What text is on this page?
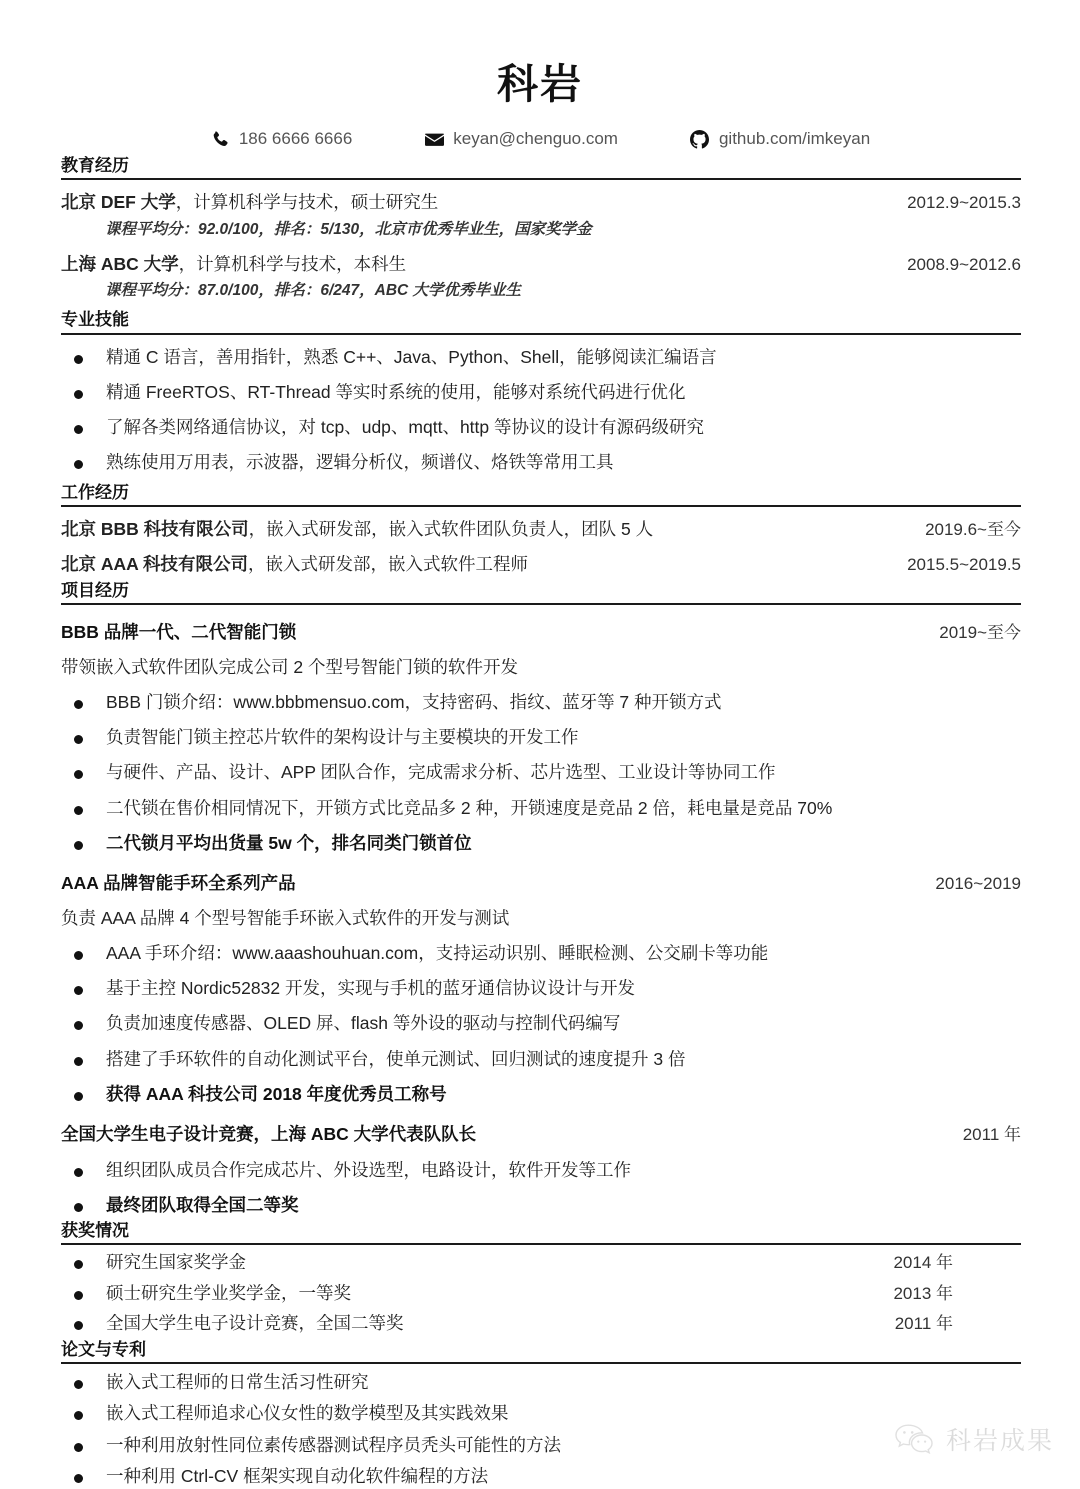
科岩
186 6666 6666	keyan@chenguo.com	github.com/imkeyan
教育经历
北京 DEF 大学，计算机科学与技术，硕士研究生	2012.9~2015.3
课程平均分：92.0/100，排名：5/130，北京市优秀毕业生，国家奖学金
上海 ABC 大学，计算机科学与技术，本科生	2008.9~2012.6
课程平均分：87.0/100，排名：6/247，ABC 大学优秀毕业生
专业技能
精通 C 语言，善用指针，熟悉 C++、Java、Python、Shell，能够阅读汇编语言
精通 FreeRTOS、RT-Thread 等实时系统的使用，能够对系统代码进行优化
了解各类网络通信协议，对 tcp、udp、mqtt、http 等协议的设计有源码级研究
熟练使用万用表，示波器，逻辑分析仪，频谱仪、烙铁等常用工具
工作经历
北京 BBB 科技有限公司，嵌入式研发部，嵌入式软件团队负责人，团队 5 人	2019.6~至今
北京 AAA 科技有限公司，嵌入式研发部，嵌入式软件工程师	2015.5~2019.5
项目经历
BBB 品牌一代、二代智能门锁	2019~至今
带领嵌入式软件团队完成公司 2 个型号智能门锁的软件开发
BBB 门锁介绍：www.bbbmensuo.com，支持密码、指纹、蓝牙等 7 种开锁方式
负责智能门锁主控芯片软件的架构设计与主要模块的开发工作
与硬件、产品、设计、APP 团队合作，完成需求分析、芯片选型、工业设计等协同工作
二代锁在售价相同情况下，开锁方式比竞品多 2 种，开锁速度是竞品 2 倍，耗电量是竞品 70%
二代锁月平均出货量 5w 个，排名同类门锁首位
AAA 品牌智能手环全系列产品	2016~2019
负责 AAA 品牌 4 个型号智能手环嵌入式软件的开发与测试
AAA 手环介绍：www.aaashouhuan.com，支持运动识别、睡眠检测、公交刷卡等功能
基于主控 Nordic52832 开发，实现与手机的蓝牙通信协议设计与开发
负责加速度传感器、OLED 屏、flash 等外设的驱动与控制代码编写
搭建了手环软件的自动化测试平台，使单元测试、回归测试的速度提升 3 倍
获得 AAA 科技公司 2018 年度优秀员工称号
全国大学生电子设计竞赛，上海 ABC 大学代表队队长	2011 年
组织团队成员合作完成芯片、外设选型，电路设计，软件开发等工作
最终团队取得全国二等奖
获奖情况
研究生国家奖学金	2014 年
硕士研究生学业奖学金，一等奖	2013 年
全国大学生电子设计竞赛，全国二等奖	2011 年
论文与专利
嵌入式工程师的日常生活习性研究
嵌入式工程师追求心仪女性的数学模型及其实践效果
一种利用放射性同位素传感器测试程序员秃头可能性的方法
一种利用 Ctrl-CV 框架实现自动化软件编程的方法
科岩成果
